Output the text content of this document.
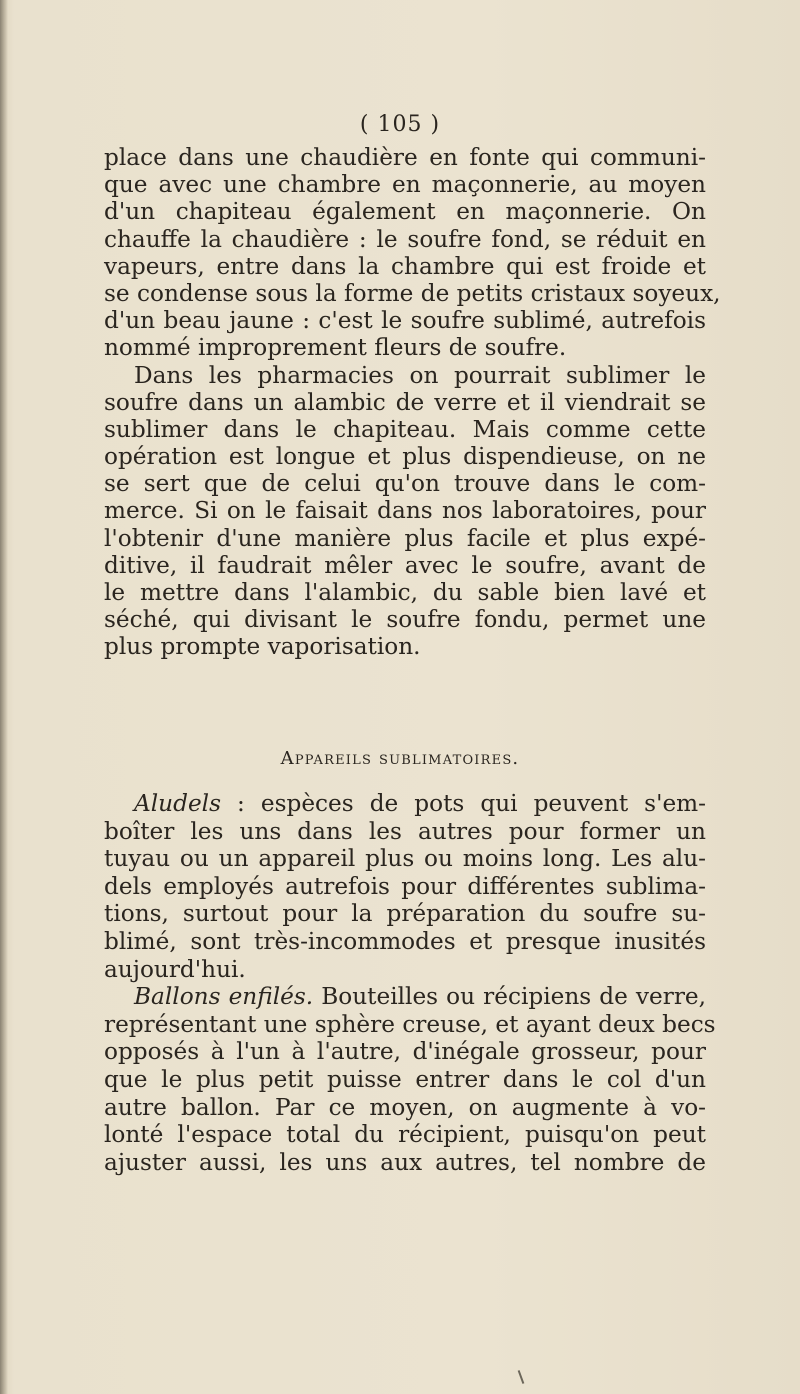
( 105 )
place dans une chaudière en fonte qui communi-
que avec une chambre en maçonnerie, au moyen
d'un chapiteau également en maçonnerie. On
chauffe la chaudière : le soufre fond, se réduit en
vapeurs, entre dans la chambre qui est froide et
se condense sous la forme de petits cristaux soyeux,
d'un beau jaune : c'est le soufre sublimé, autrefois
nommé improprement fleurs de soufre.
Dans les pharmacies on pourrait sublimer le
soufre dans un alambic de verre et il viendrait se
sublimer dans le chapiteau. Mais comme cette
opération est longue et plus dispendieuse, on ne
se sert que de celui qu'on trouve dans le com-
merce. Si on le faisait dans nos laboratoires, pour
l'obtenir d'une manière plus facile et plus expé-
ditive, il faudrait mêler avec le soufre, avant de
le mettre dans l'alambic, du sable bien lavé et
séché, qui divisant le soufre fondu, permet une
plus prompte vaporisation.
Appareils sublimatoires.
Aludels : espèces de pots qui peuvent s'em-
boîter les uns dans les autres pour former un
tuyau ou un appareil plus ou moins long. Les alu-
dels employés autrefois pour différentes sublima-
tions, surtout pour la préparation du soufre su-
blimé, sont très-incommodes et presque inusités
aujourd'hui.
Ballons enfilés. Bouteilles ou récipiens de verre,
représentant une sphère creuse, et ayant deux becs
opposés à l'un à l'autre, d'inégale grosseur, pour
que le plus petit puisse entrer dans le col d'un
autre ballon. Par ce moyen, on augmente à vo-
lonté l'espace total du récipient, puisqu'on peut
ajuster aussi, les uns aux autres, tel nombre de
